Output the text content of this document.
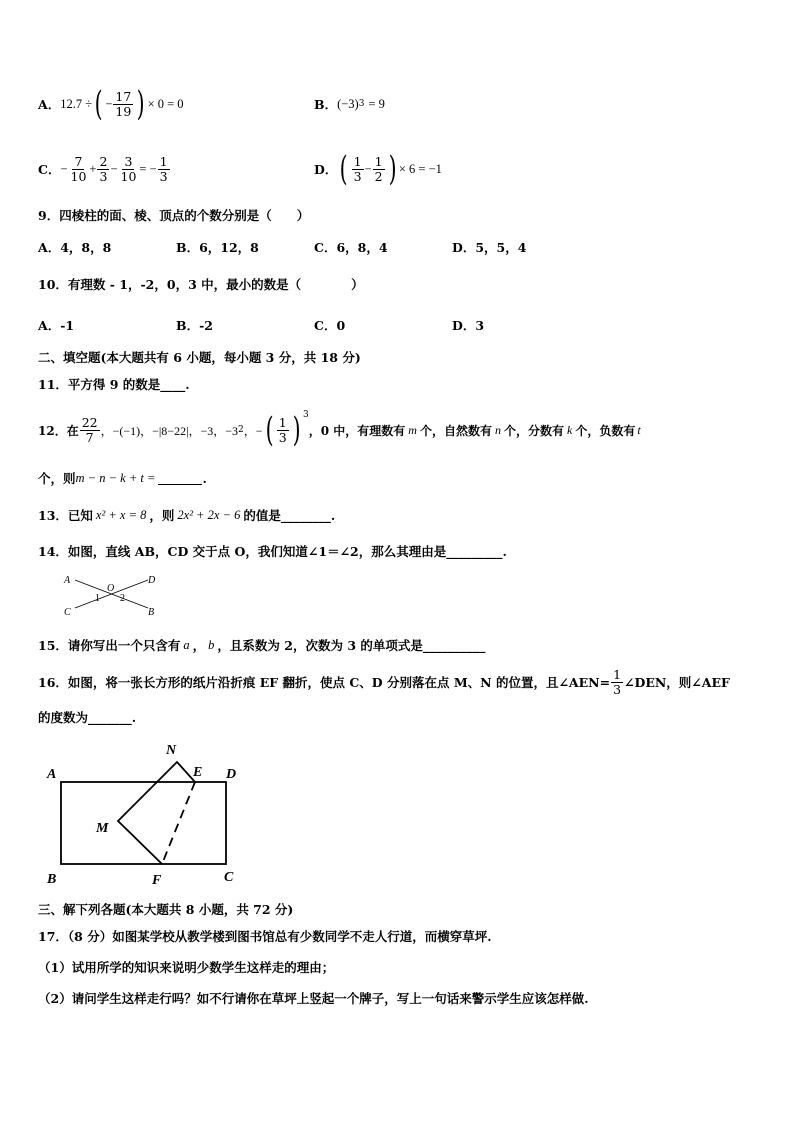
A． 12.7 ÷ ( − $\frac{17}{19}$ ) × 0 = 0	B． (−3) 3
= 9
C． − $\frac{7}{10} + \frac{2}{3} - \frac{3}{10}$ = − $\frac{1}{3}$	D． ( $\frac{1}{3} - \frac{1}{2}$ ) × 6 = −1
9．四棱柱的面、棱、顶点的个数分别是（　　）
A．4，8，8	B．6，12，8	C．6，8，4	D．5，5，4
10．有理数 - 1，-2，0，3 中，最小的数是（　　　　）
A．-1	B．-2	C．0	D．3
二、填空题(本大题共有 6 小题，每小题 3 分，共 18 分)
11．平方得 9 的数是____.
12．在 $\frac{22}{7}$ ，−(−1)，−|8−22|，−3，−3 2 ，− ( $\frac{1}{3}$ ) $^3$
，0 中，有理数有 m 个，自然数有 n 个，分数有 k 个，负数有 t
个，则 m − n − k + t =	.
13．已知 x² + x = 8 ，则 2x² + 2x − 6 的值是________.
14．如图，直线 AB，CD 交于点 O，我们知道∠1＝∠2，那么其理由是_________.
A
C
D
B
O
1 2
15．请你写出一个只含有 a ， b ，且系数为 2，次数为 3 的单项式是__________
16．如图，将一张长方形的纸片沿折痕 EF 翻折，使点 C、D 分别落在点 M、N 的位置，且∠AEN= $\frac{1}{3}$ ∠DEN，则∠AEF
的度数为_______.
A
B	C
D
E
F
M
N
三、解下列各题(本大题共 8 小题，共 72 分)
17．（8 分）如图某学校从教学楼到图书馆总有少数同学不走人行道，而横穿草坪.
（1）试用所学的知识来说明少数学生这样走的理由；
（2）请问学生这样走行吗？如不行请你在草坪上竖起一个牌子，写上一句话来警示学生应该怎样做.
